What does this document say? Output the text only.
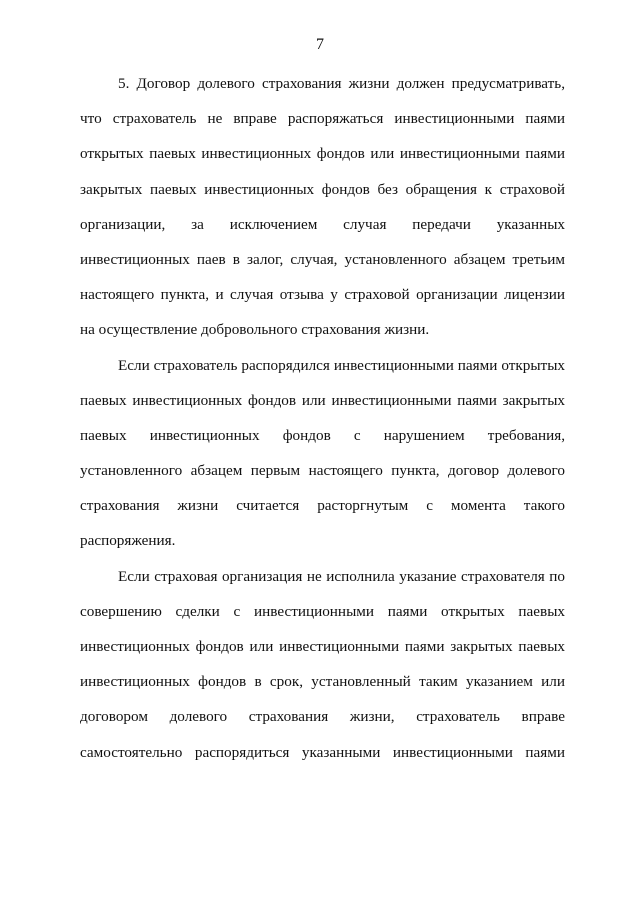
7
5. Договор долевого страхования жизни должен предусматривать,
что страхователь не вправе распоряжаться инвестиционными паями
открытых паевых инвестиционных фондов или инвестиционными паями
закрытых паевых инвестиционных фондов без обращения к страховой
организации, за исключением случая передачи указанных
инвестиционных паев в залог, случая, установленного абзацем третьим
настоящего пункта, и случая отзыва у страховой организации лицензии
на осуществление добровольного страхования жизни.
Если страхователь распорядился инвестиционными паями открытых
паевых инвестиционных фондов или инвестиционными паями закрытых
паевых инвестиционных фондов с нарушением требования,
установленного абзацем первым настоящего пункта, договор долевого
страхования жизни считается расторгнутым с момента такого
распоряжения.
Если страховая организация не исполнила указание страхователя по
совершению сделки с инвестиционными паями открытых паевых
инвестиционных фондов или инвестиционными паями закрытых паевых
инвестиционных фондов в срок, установленный таким указанием или
договором долевого страхования жизни, страхователь вправе
самостоятельно распорядиться указанными инвестиционными паями
